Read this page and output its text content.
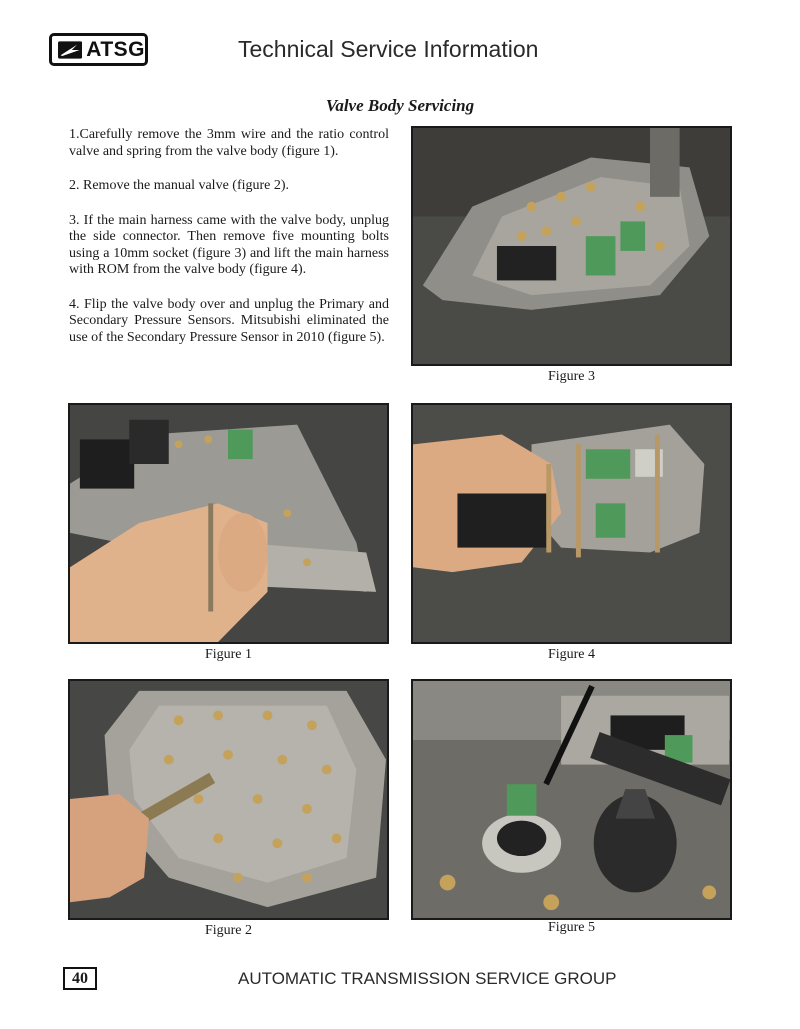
ATSG	Technical Service Information
Valve Body Servicing

1.Carefully remove the 3mm wire and the ratio control valve and spring from the valve body (figure 1).

2. Remove the manual valve (figure 2).

3. If the main harness came with the valve body, unplug the side connector. Then remove five mounting bolts using a 10mm socket (figure 3) and lift the main harness with ROM from the valve body (figure 4).

4. Flip the valve body over and unplug the Primary and Secondary Pressure Sensors. Mitsubishi eliminated the use of the Secondary Pressure Sensor in 2010 (figure 5).

Figure 3
Figure 1	Figure 4
Figure 2	Figure 5
40	AUTOMATIC TRANSMISSION SERVICE GROUP
